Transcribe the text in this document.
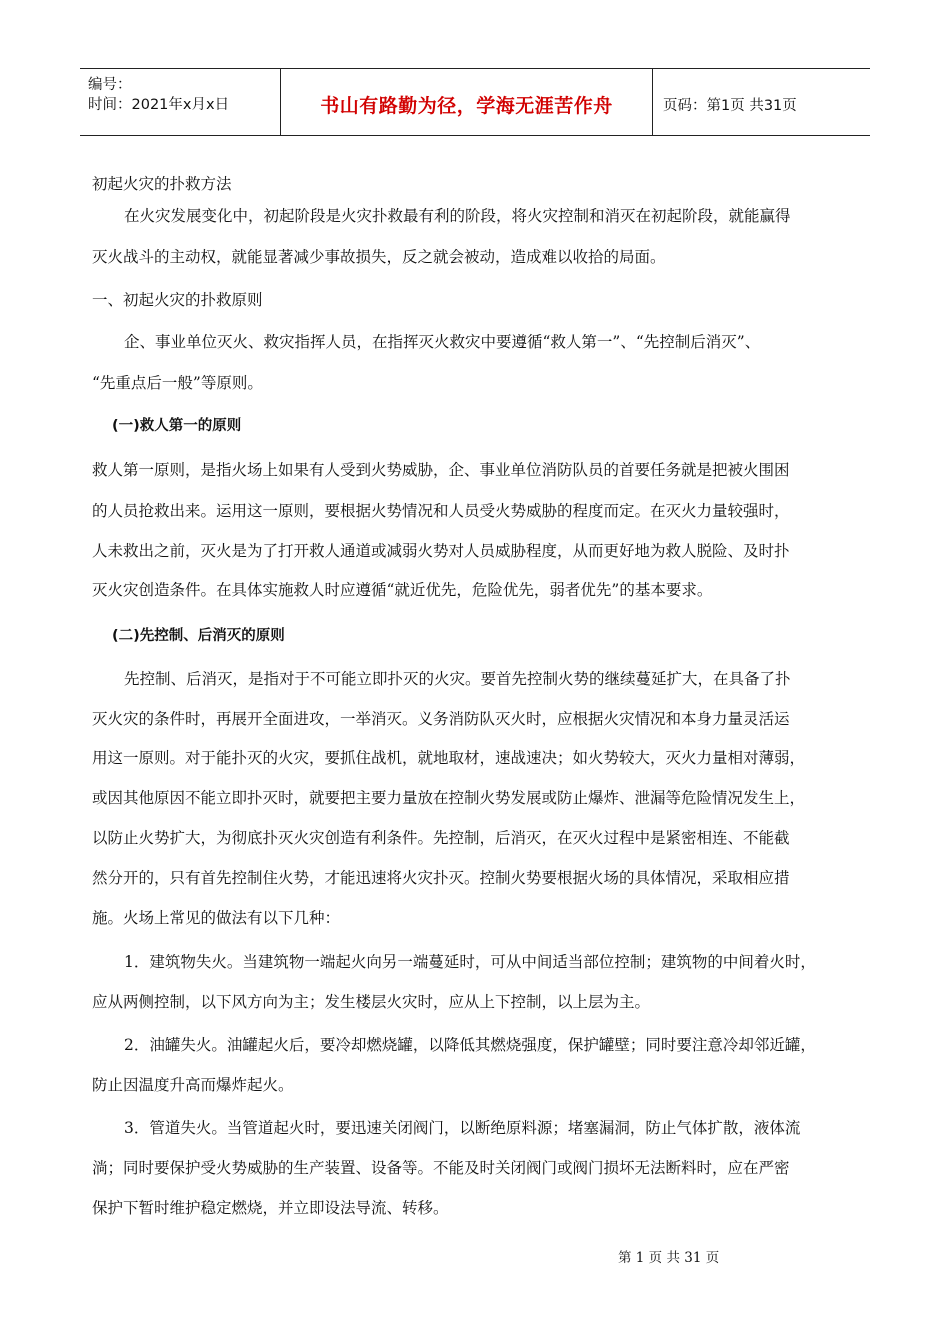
编号：
时间：2021年x月x日	书山有路勤为径，学海无涯苦作舟	页码：第1页 共31页
初起火灾的扑救方法
在火灾发展变化中，初起阶段是火灾扑救最有利的阶段，将火灾控制和消灭在初起阶段，就能赢得
灭火战斗的主动权，就能显著减少事故损失，反之就会被动，造成难以收拾的局面。
一、初起火灾的扑救原则
企、事业单位灭火、救灾指挥人员，在指挥灭火救灾中要遵循“救人第一”、“先控制后消灭”、
“先重点后一般”等原则。
(一)救人第一的原则
救人第一原则，是指火场上如果有人受到火势威胁，企、事业单位消防队员的首要任务就是把被火围困
的人员抢救出来。运用这一原则，要根据火势情况和人员受火势威胁的程度而定。在灭火力量较强时，
人未救出之前，灭火是为了打开救人通道或减弱火势对人员威胁程度，从而更好地为救人脱险、及时扑
灭火灾创造条件。在具体实施救人时应遵循“就近优先，危险优先，弱者优先”的基本要求。
(二)先控制、后消灭的原则
先控制、后消灭，是指对于不可能立即扑灭的火灾。要首先控制火势的继续蔓延扩大，在具备了扑
灭火灾的条件时，再展开全面进攻，一举消灭。义务消防队灭火时，应根据火灾情况和本身力量灵活运
用这一原则。对于能扑灭的火灾，要抓住战机，就地取材，速战速决；如火势较大，灭火力量相对薄弱，
或因其他原因不能立即扑灭时，就要把主要力量放在控制火势发展或防止爆炸、泄漏等危险情况发生上，
以防止火势扩大，为彻底扑灭火灾创造有利条件。先控制，后消灭，在灭火过程中是紧密相连、不能截
然分开的，只有首先控制住火势，才能迅速将火灾扑灭。控制火势要根据火场的具体情况，采取相应措
施。火场上常见的做法有以下几种：
1．建筑物失火。当建筑物一端起火向另一端蔓延时，可从中间适当部位控制；建筑物的中间着火时，
应从两侧控制，以下风方向为主；发生楼层火灾时，应从上下控制，以上层为主。
2．油罐失火。油罐起火后，要冷却燃烧罐，以降低其燃烧强度，保护罐壁；同时要注意冷却邻近罐，
防止因温度升高而爆炸起火。
3．管道失火。当管道起火时，要迅速关闭阀门，以断绝原料源；堵塞漏洞，防止气体扩散，液体流
淌；同时要保护受火势威胁的生产装置、设备等。不能及时关闭阀门或阀门损坏无法断料时，应在严密
保护下暂时维护稳定燃烧，并立即设法导流、转移。
第 1 页 共 31 页
